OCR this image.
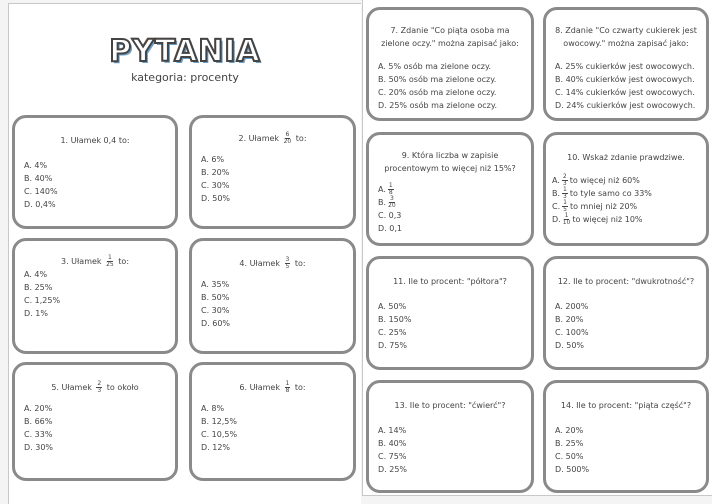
PYTANIA
kategoria: procenty
1. Ułamek 0,4 to:
A. 4%
B. 40%
C. 140%
D. 0,4%
2. Ułamek $\frac{6}{20}$ to:
A. 6%
B. 20%
C. 30%
D. 50%
3. Ułamek $\frac{1}{25}$ to:
A. 4%
B. 25%
C. 1,25%
D. 1%
4. Ułamek $\frac{3}{5}$ to:
A. 35%
B. 50%
C. 30%
D. 60%
5. Ułamek $\frac{2}{3}$ to około
A. 20%
B. 66%
C. 33%
D. 30%
6. Ułamek $\frac{1}{8}$ to:
A. 8%
B. 12,5%
C. 10,5%
D. 12%
7. Zdanie "Co piąta osoba ma zielone oczy." można zapisać jako:
A. 5% osób ma zielone oczy.
B. 50% osób ma zielone oczy.
C. 20% osób ma zielone oczy.
D. 25% osób ma zielone oczy.
8. Zdanie "Co czwarty cukierek jest owocowy." można zapisać jako:
A. 25% cukierków jest owocowych.
B. 40% cukierków jest owocowych.
C. 14% cukierków jest owocowych.
D. 24% cukierków jest owocowych.
9. Która liczba w zapisie procentowym to więcej niż 15%?
A. $\frac{1}{8}$
B. $\frac{3}{20}$
C. 0,3
D. 0,1
10. Wskaż zdanie prawdziwe.
A. $\frac{2}{3}$ to więcej niż 60%
B. $\frac{1}{3}$ to tyle samo co 33%
C. $\frac{1}{5}$ to mniej niż 20%
D. $\frac{1}{10}$ to więcej niż 10%
11. Ile to procent: "półtora"?
A. 50%
B. 150%
C. 25%
D. 75%
12. Ile to procent: "dwukrotność"?
A. 200%
B. 20%
C. 100%
D. 50%
13. Ile to procent: "ćwierć"?
A. 14%
B. 40%
C. 75%
D. 25%
14. Ile to procent: "piąta część"?
A. 20%
B. 25%
C. 50%
D. 500%
